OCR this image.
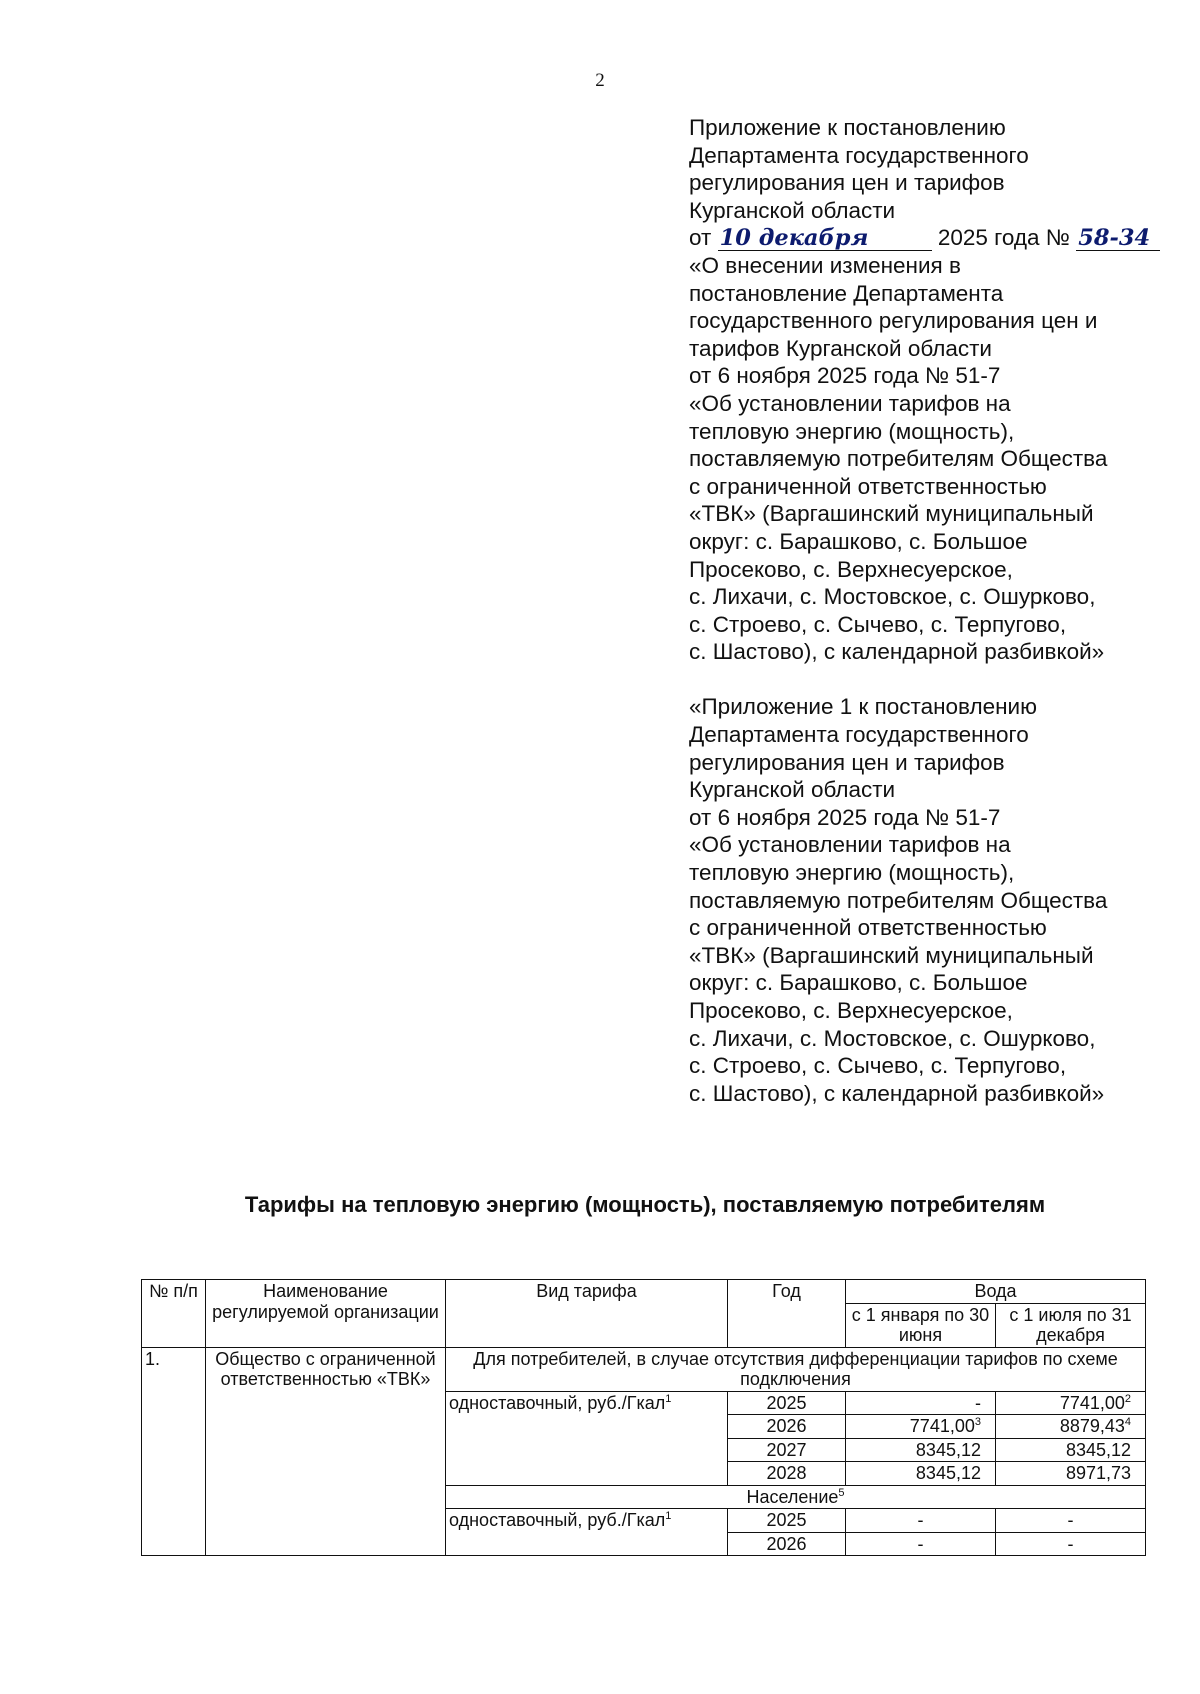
2
Приложение к постановлению
Департамента государственного
регулирования цен и тарифов
Курганской области
от 10 декабря	2025 года № 58-34
«О внесении изменения в
постановление Департамента
государственного регулирования цен и
тарифов Курганской области
от 6 ноября 2025 года № 51-7
«Об установлении тарифов на
тепловую энергию (мощность),
поставляемую потребителям Общества
с ограниченной ответственностью
«ТВК» (Варгашинский муниципальный
округ: с. Барашково, с. Большое
Просеково, с. Верхнесуерское,
с. Лихачи, с. Мостовское, с. Ошурково,
с. Строево, с. Сычево, с. Терпугово,
с. Шастово), с календарной разбивкой»
«Приложение 1 к постановлению
Департамента государственного
регулирования цен и тарифов
Курганской области
от 6 ноября 2025 года № 51-7
«Об установлении тарифов на
тепловую энергию (мощность),
поставляемую потребителям Общества
с ограниченной ответственностью
«ТВК» (Варгашинский муниципальный
округ: с. Барашково, с. Большое
Просеково, с. Верхнесуерское,
с. Лихачи, с. Мостовское, с. Ошурково,
с. Строево, с. Сычево, с. Терпугово,
с. Шастово), с календарной разбивкой»
Тарифы на тепловую энергию (мощность), поставляемую потребителям
№ п/п	Наименование регулируемой организации	Вид тарифа	Год	Вода	
				с 1 января по 30 июня	с 1 июля по 31 декабря
1.	Общество с ограниченной ответственностью «ТВК»	Для потребителей, в случае отсутствия дифференциации тарифов по схеме подключения			
		одноставочный, руб./Гкал$^1$	2025	-	7741,00$^2$
			2026	7741,00$^3$	8879,43$^4$
			2027	8345,12	8345,12
			2028	8345,12	8971,73
		Население$^5$
		одноставочный, руб./Гкал$^1$	2025	-	-
			2026	-	-
